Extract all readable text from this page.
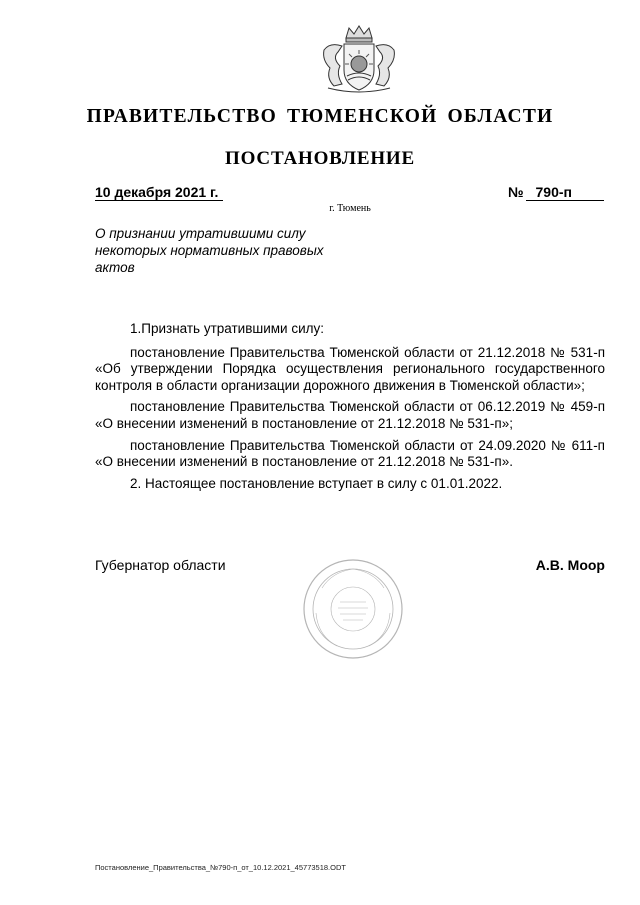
ПРАВИТЕЛЬСТВО ТЮМЕНСКОЙ ОБЛАСТИ
ПОСТАНОВЛЕНИЕ
10 декабря 2021 г.	№ 790-п
г. Тюмень
О признании утратившими силу некоторых нормативных правовых актов

1.Признать утратившими силу:

постановление Правительства Тюменской области от 21.12.2018 № 531-п «Об утверждении Порядка осуществления регионального государственного контроля в области организации дорожного движения в Тюменской области»;

постановление Правительства Тюменской области от 06.12.2019 № 459-п «О внесении изменений в постановление от 21.12.2018 № 531-п»;

постановление Правительства Тюменской области от 24.09.2020 № 611-п «О внесении изменений в постановление от 21.12.2018 № 531-п».

2. Настоящее постановление вступает в силу с 01.01.2022.

Губернатор области	А.В. Моор
Постановление_Правительства_№790-п_от_10.12.2021_45773518.ODT
